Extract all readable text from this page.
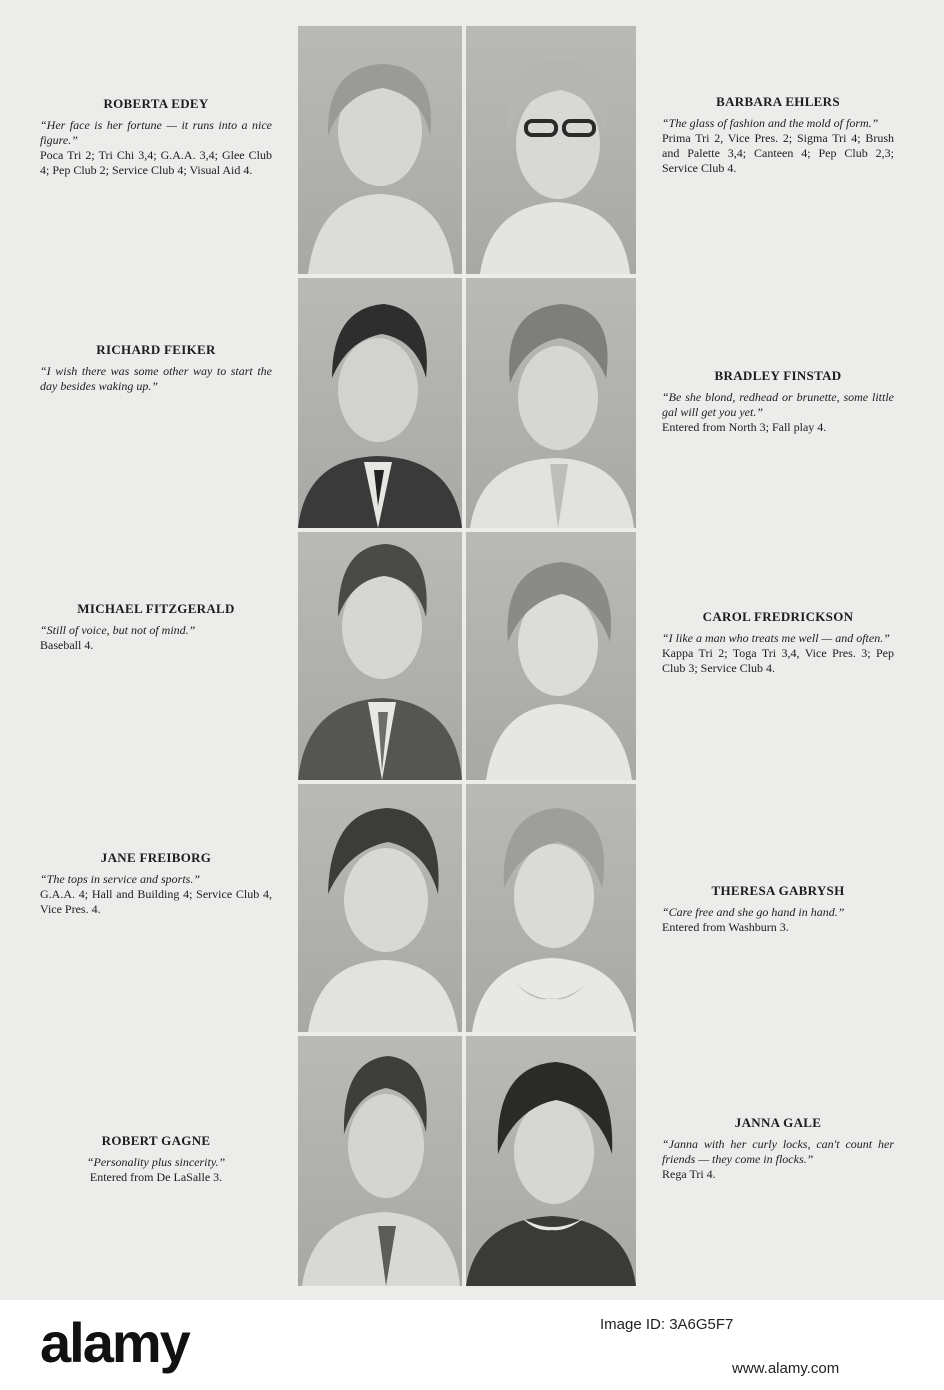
ROBERTA EDEY
“Her face is her fortune — it runs into a nice figure.”
Poca Tri 2; Tri Chi 3,4; G.A.A. 3,4; Glee Club 4; Pep Club 2; Service Club 4; Visual Aid 4.
BARBARA EHLERS
“The glass of fashion and the mold of form.”
Prima Tri 2, Vice Pres. 2; Sigma Tri 4; Brush and Palette 3,4; Canteen 4; Pep Club 2,3; Service Club 4.
RICHARD FEIKER
“I wish there was some other way to start the day besides waking up.”
BRADLEY FINSTAD
“Be she blond, redhead or brunette, some little gal will get you yet.”
Entered from North 3; Fall play 4.
MICHAEL FITZGERALD
“Still of voice, but not of mind.”
Baseball 4.
CAROL FREDRICKSON
“I like a man who treats me well — and often.”
Kappa Tri 2; Toga Tri 3,4, Vice Pres. 3; Pep Club 3; Service Club 4.
JANE FREIBORG
“The tops in service and sports.”
G.A.A. 4; Hall and Building 4; Service Club 4, Vice Pres. 4.
THERESA GABRYSH
“Care free and she go hand in hand.”
Entered from Washburn 3.
ROBERT GAGNE
“Personality plus sincerity.”
Entered from De LaSalle 3.
JANNA GALE
“Janna with her curly locks, can't count her friends — they come in flocks.”
Rega Tri 4.
alamy	Image ID: 3A6G5F7
www.alamy.com
